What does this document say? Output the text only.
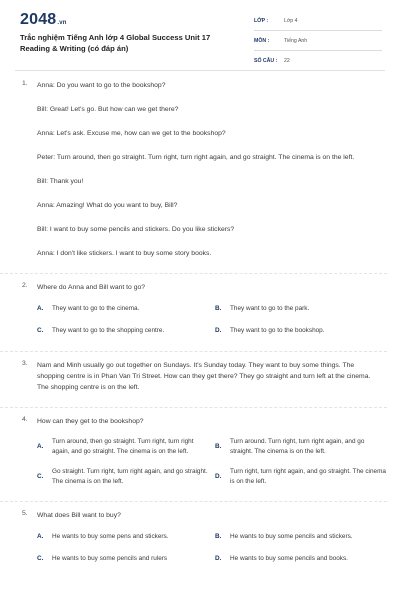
2048.vn
Trắc nghiệm Tiếng Anh lớp 4 Global Success Unit 17 Reading & Writing (có đáp án)
LỚP :	Lớp 4
MÔN :	Tiếng Anh
SỐ CÂU : 22
1. Anna: Do you want to go to the bookshop?

Bill: Great! Let's go. But how can we get there?

Anna: Let's ask. Excuse me, how can we get to the bookshop?

Peter: Turn around, then go straight. Turn right, turn right again, and go straight. The cinema is on the left.

Bill: Thank you!

Anna: Amazing! What do you want to buy, Bill?

Bill: I want to buy some pencils and stickers. Do you like stickers?

Anna: I don't like stickers. I want to buy some story books.

2. Where do Anna and Bill want to go?

A.	They want to go to the cinema.	B.	They want to go to the park.
C.	They want to go to the shopping centre.	D.	They want to go to the bookshop.
3. Nam and Minh usually go out together on Sundays. It's Sunday today. They want to buy some things. The shopping centre is in Phan Van Tri Street. How can they get there? They go straight and turn left at the cinema. The shopping centre is on the left.

4. How can they get to the bookshop?

A.
Turn around, then go straight. Turn right, turn right again, and go straight. The cinema is on the left.
B.
Turn around. Turn right, turn right again, and go straight. The cinema is on the left.
C.
Go straight. Turn right, turn right again, and go straight. The cinema is on the left.
D.
Turn right, turn right again, and go straight. The cinema is on the left.
5. What does Bill want to buy?

A.	He wants to buy some pens and stickers.	B.	He wants to buy some pencils and stickers.
C.	He wants to buy some pencils and rulers	D.	He wants to buy some pencils and books.
